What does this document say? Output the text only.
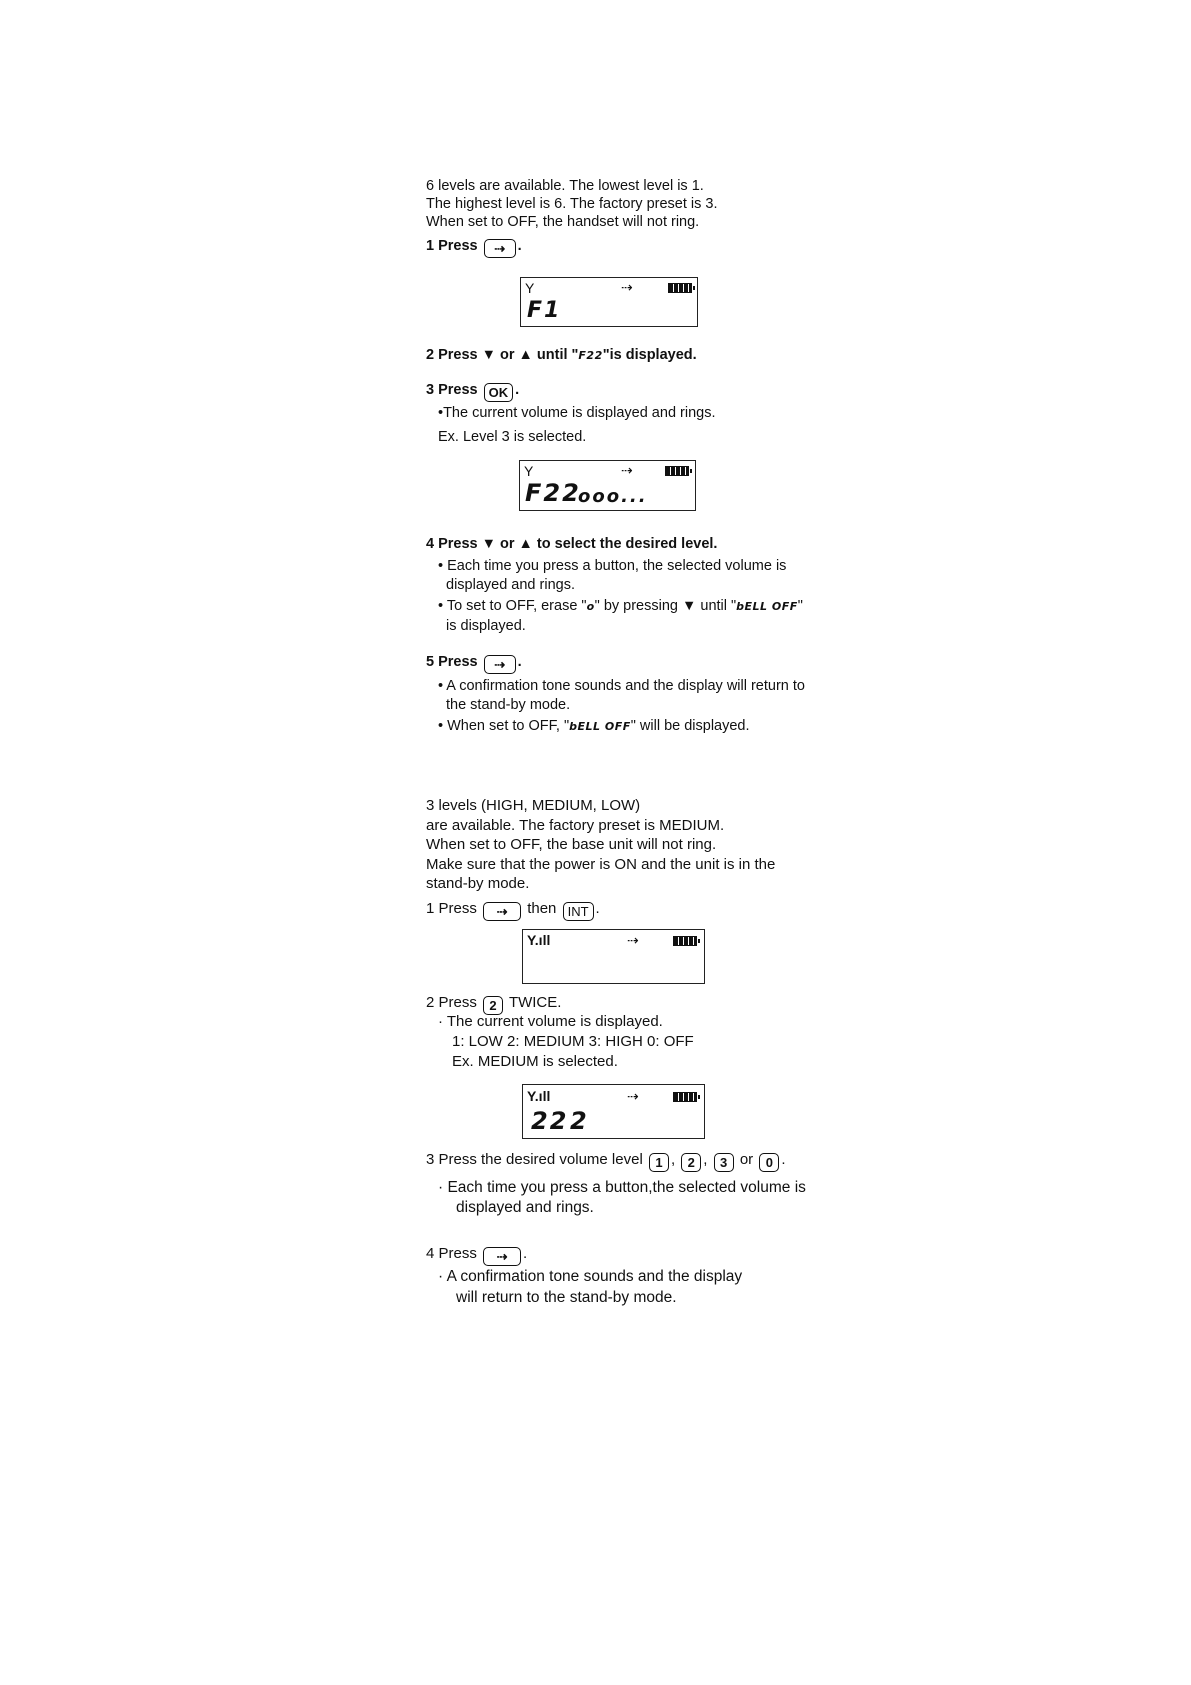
6 levels are available. The lowest level is 1.
The highest level is 6. The factory preset is 3.
When set to OFF, the handset will not ring.
1 Press ⇢ .
Y	⇢
F1
2 Press ▼ or ▲ until "F22"is displayed.
3 Press OK .
•The current volume is displayed and rings.
Ex. Level 3 is selected.
Y	⇢
F22
ooo...
4 Press ▼ or ▲ to select the desired level.
• Each time you press a button, the selected volume is
displayed and rings.
• To set to OFF, erase "o" by pressing ▼ until "bELL OFF"
is displayed.
5 Press ⇢ .
• A confirmation tone sounds and the display will return to
the stand-by mode.
• When set to OFF, "bELL OFF" will be displayed.
3 levels (HIGH, MEDIUM, LOW)
are available. The factory preset is MEDIUM.
When set to OFF, the base unit will not ring.
Make sure that the power is ON and the unit is in the
stand-by mode.
1 Press ⇢ then INT .
Y.ıll	⇢
2 Press 2 TWICE.
· The current volume is displayed.
1: LOW 2: MEDIUM 3: HIGH 0: OFF
Ex. MEDIUM is selected.
Y.ıll	⇢
22 2
3 Press the desired volume level 1 , 2 , 3 or 0 .
· Each time you press a button,the selected volume is
displayed and rings.
4 Press ⇢ .
· A confirmation tone sounds and the display
will return to the stand-by mode.
